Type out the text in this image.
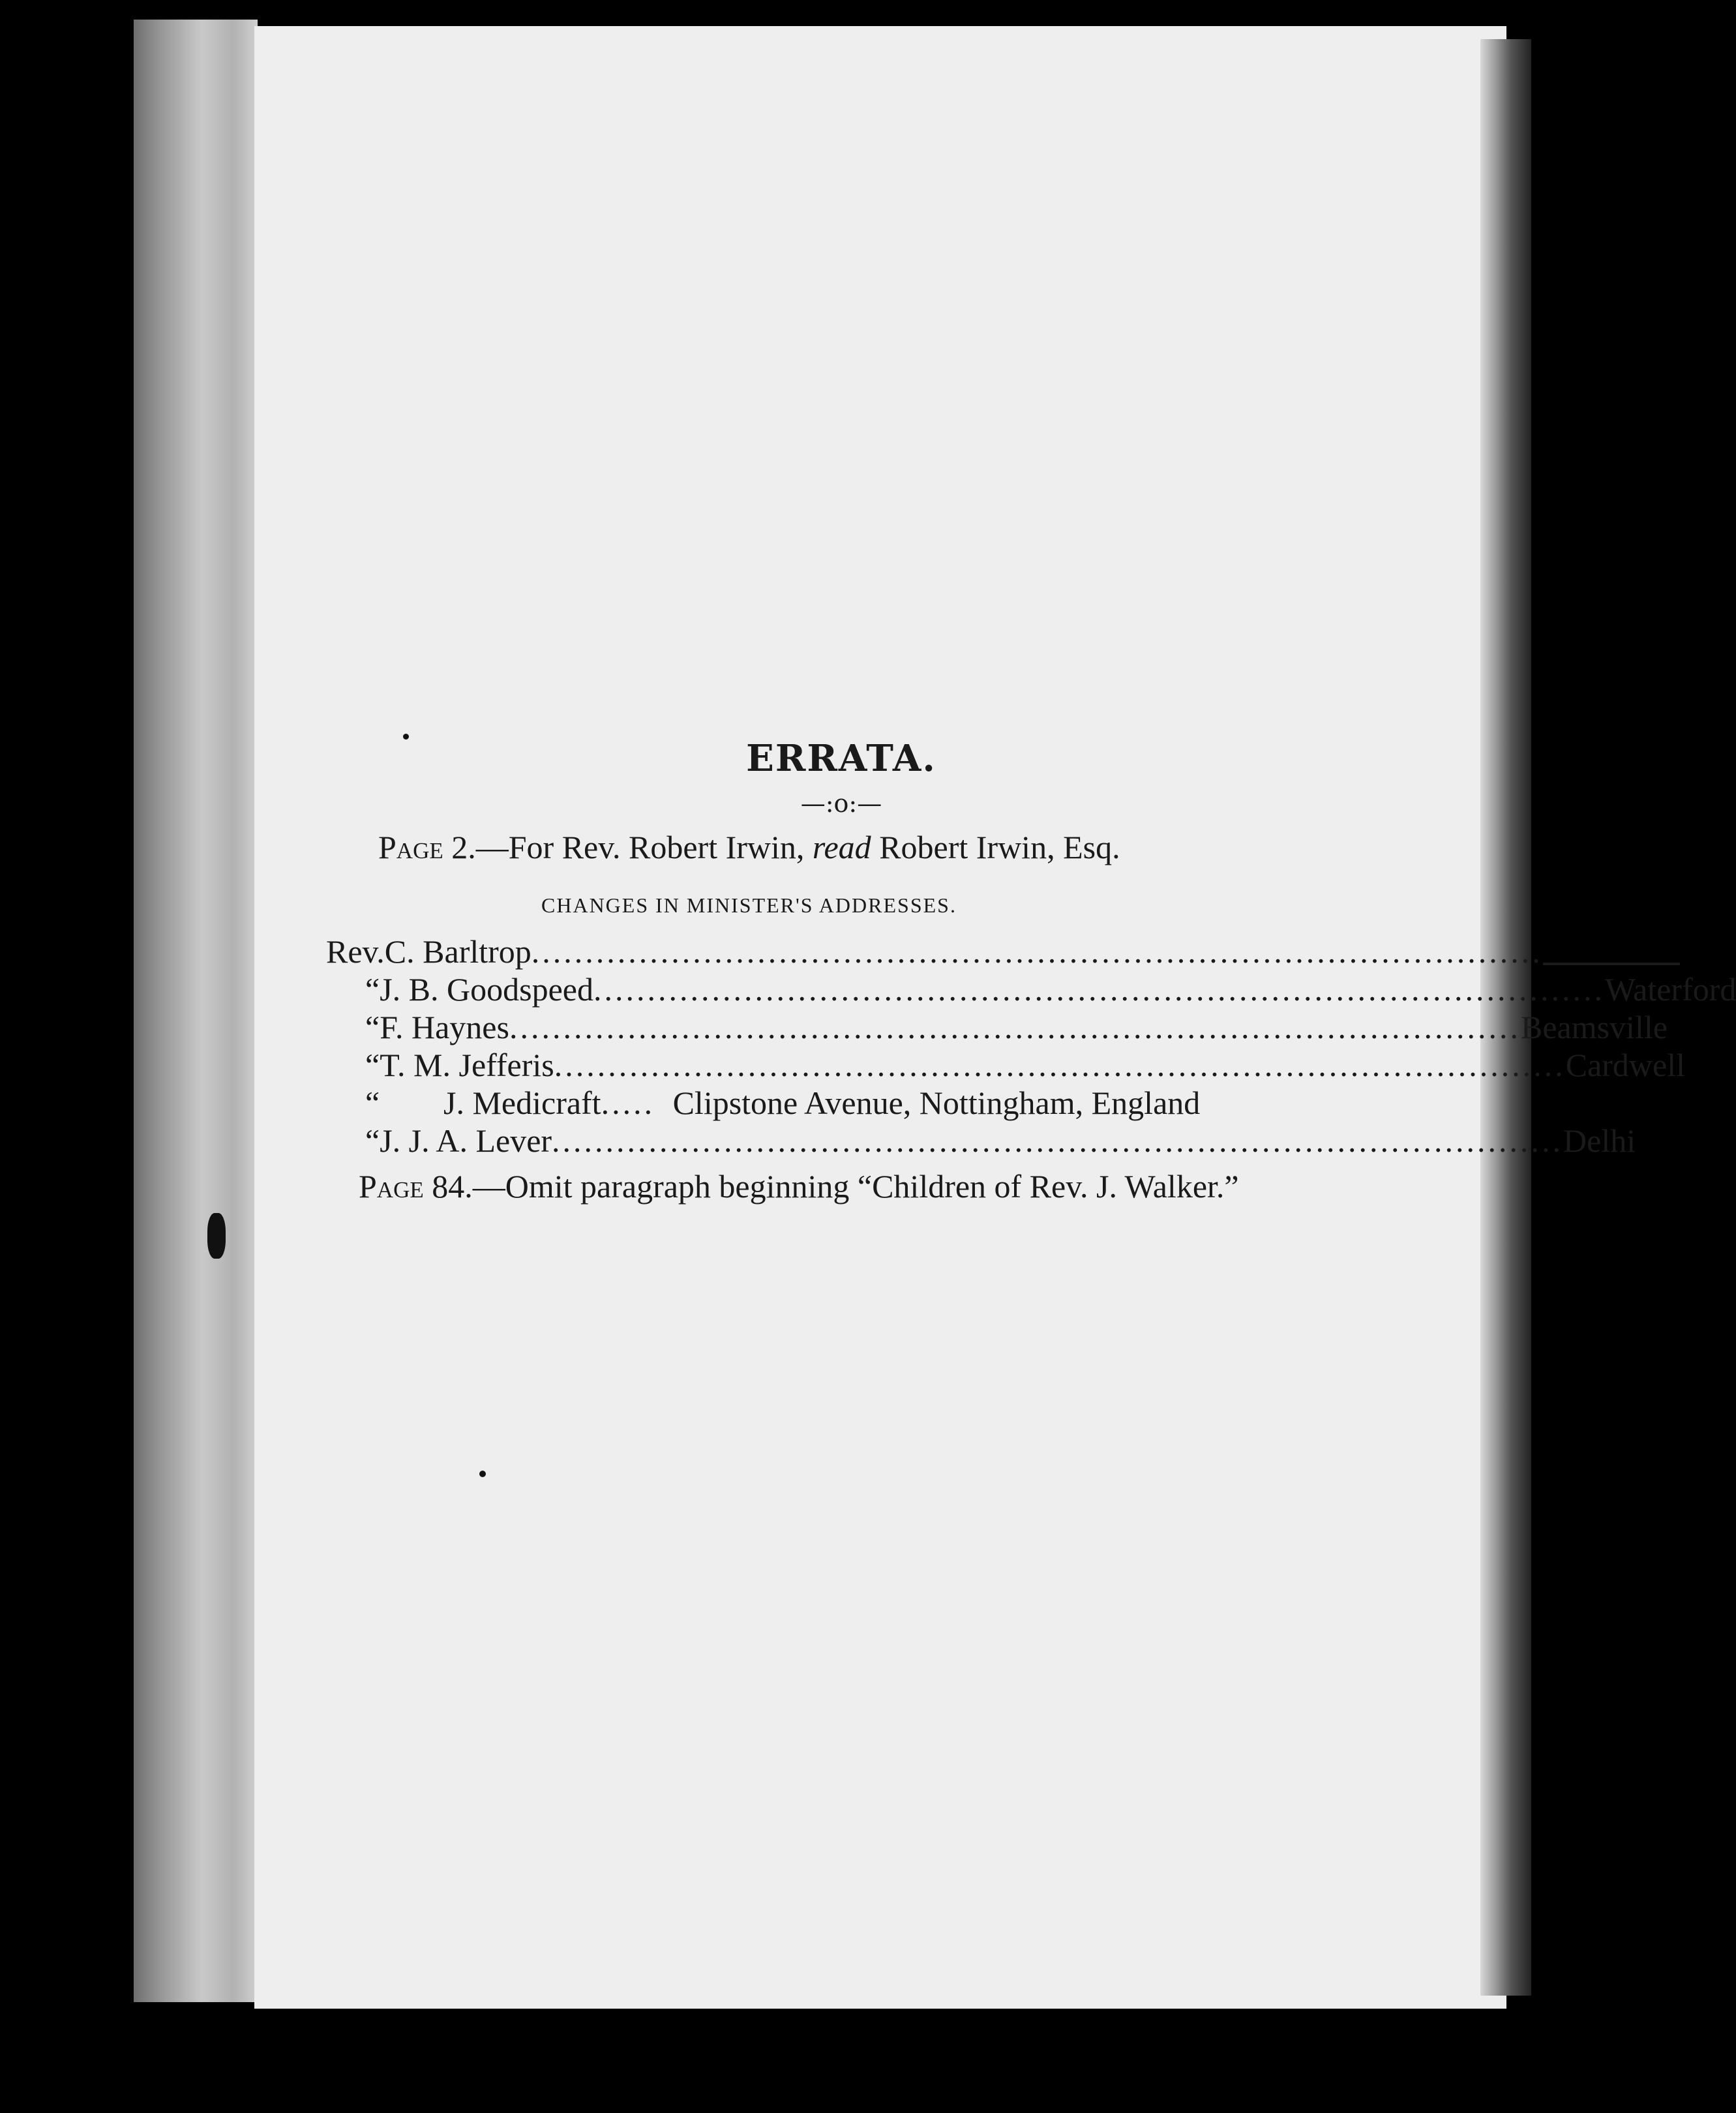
ERRATA.
—:o:—
Page 2.—For Rev. Robert Irwin, read Robert Irwin, Esq.
CHANGES IN MINISTER'S ADDRESSES.
Rev. C. Barltrop ..............................................................................................
“ J. B. Goodspeed .............................................................................................. Waterford
“ F. Haynes .............................................................................................. Beamsville
“ T. M. Jefferis .............................................................................................. Cardwell
“	J. Medicraft ..... Clipstone Avenue, Nottingham, England
“ J. J. A. Lever .............................................................................................. Delhi
Page 84.—Omit paragraph beginning “Children of Rev. J. Walker.”
